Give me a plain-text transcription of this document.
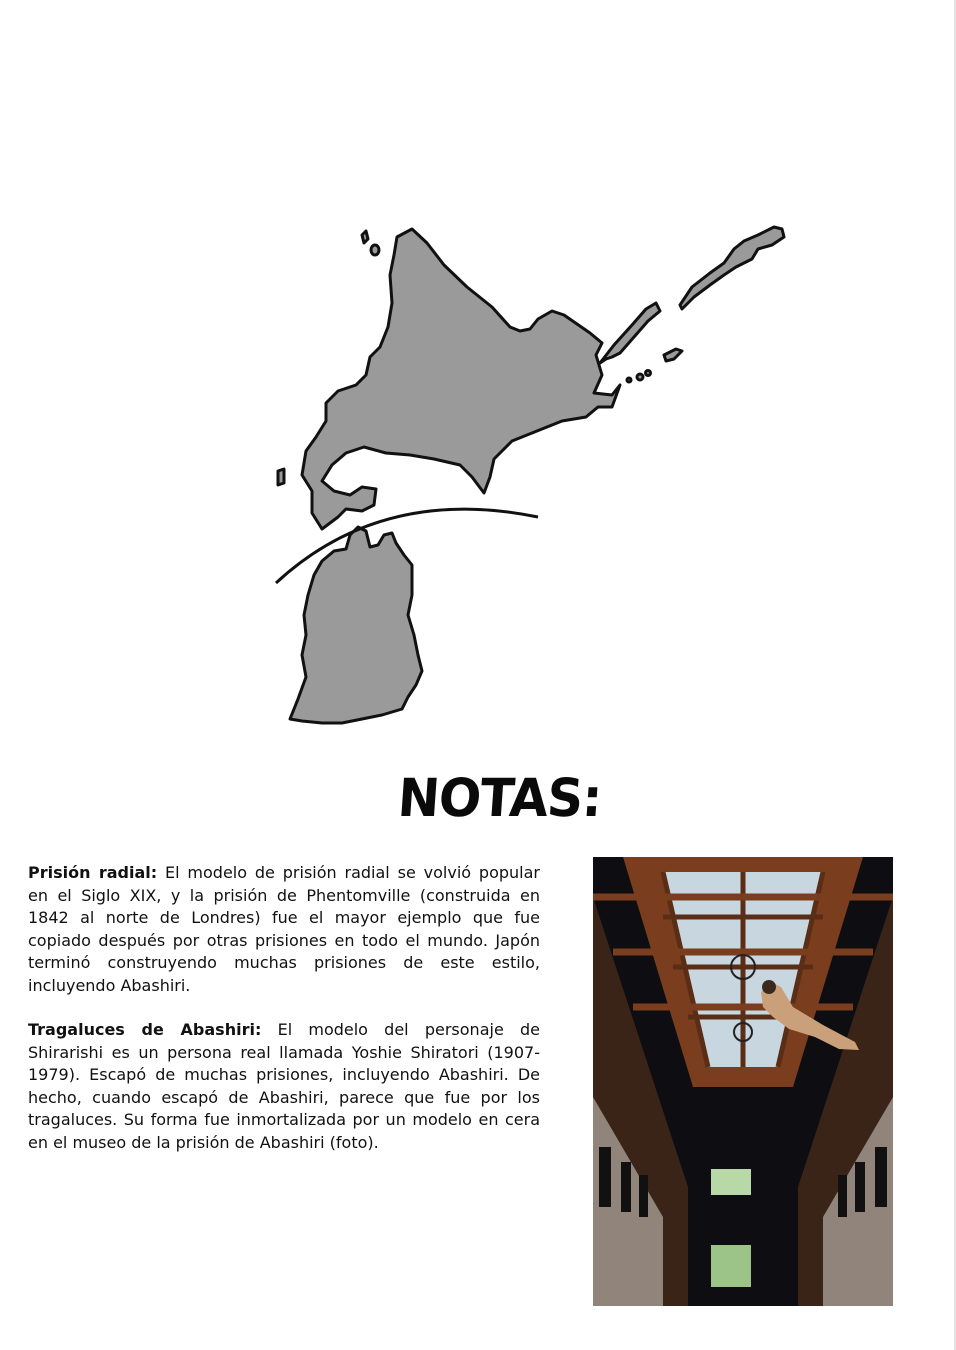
NOTAS:

Prisión radial: El modelo de prisión radial se volvió popular en el Siglo XIX, y la prisión de Phentomville (construida en 1842 al norte de Londres) fue el mayor ejemplo que fue copiado después por otras prisiones en todo el mundo. Japón terminó construyendo muchas prisiones de este estilo, incluyendo Abashiri.

Tragaluces de Abashiri: El modelo del personaje de Shirarishi es un persona real llamada Yoshie Shiratori (1907-1979). Escapó de muchas prisiones, incluyendo Abashiri. De hecho, cuando escapó de Abashiri, parece que fue por los tragaluces. Su forma fue inmortalizada por un modelo en cera en el museo de la prisión de Abashiri (foto).
